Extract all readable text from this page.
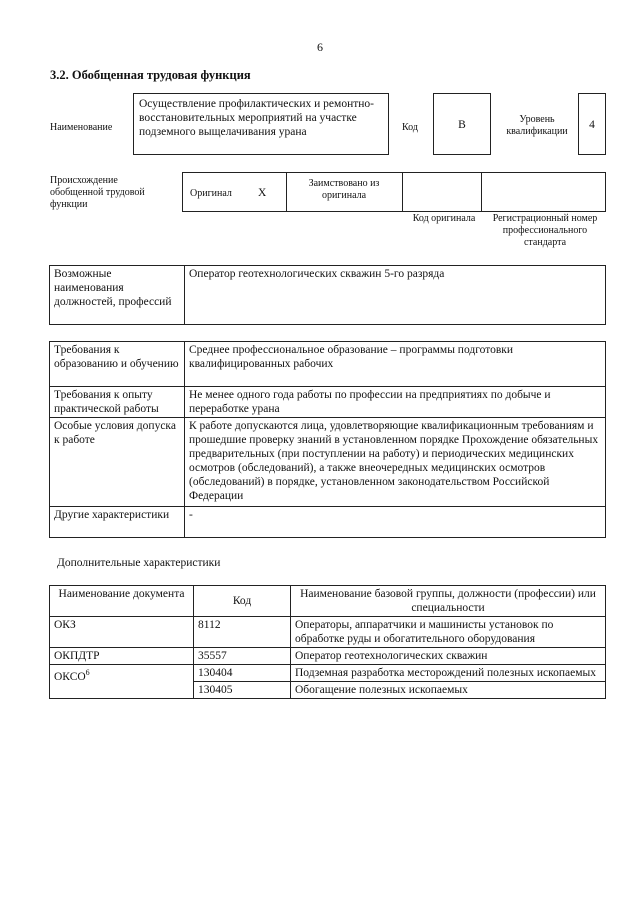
6
3.2. Обобщенная трудовая функция
Наименование
Осуществление профилактических и ремонтно-восстановительных мероприятий на участке подземного выщелачивания урана	Код	B	Уровень квалификации
4
Происхождение обобщенной трудовой функции
Оригинал X
Заимствовано из оригинала
Код оригинала	Регистрационный номер профессионального стандарта
Возможные наименования должностей, профессий	Оператор геотехнологических скважин 5-го разряда
Требования к образованию и обучению	Среднее профессиональное образование – программы подготовки квалифицированных рабочих
Требования к опыту практической работы	Не менее одного года работы по профессии на предприятиях по добыче и переработке урана
Особые условия допуска к работе	К работе допускаются лица, удовлетворяющие квалификационным требованиям и прошедшие проверку знаний в установленном порядке Прохождение обязательных предварительных (при поступлении на работу) и периодических медицинских осмотров (обследований), а также внеочередных медицинских осмотров (обследований) в порядке, установленном законодательством Российской Федерации
Другие характеристики	-
Дополнительные характеристики
Наименование документа	Код	Наименование базовой группы, должности (профессии) или специальности
ОКЗ	8112	Операторы, аппаратчики и машинисты установок по обработке руды и обогатительного оборудования
ОКПДТР	35557	Оператор геотехнологических скважин
ОКСО$^6$	130404	Подземная разработка месторождений полезных ископаемых
	130405	Обогащение полезных ископаемых
